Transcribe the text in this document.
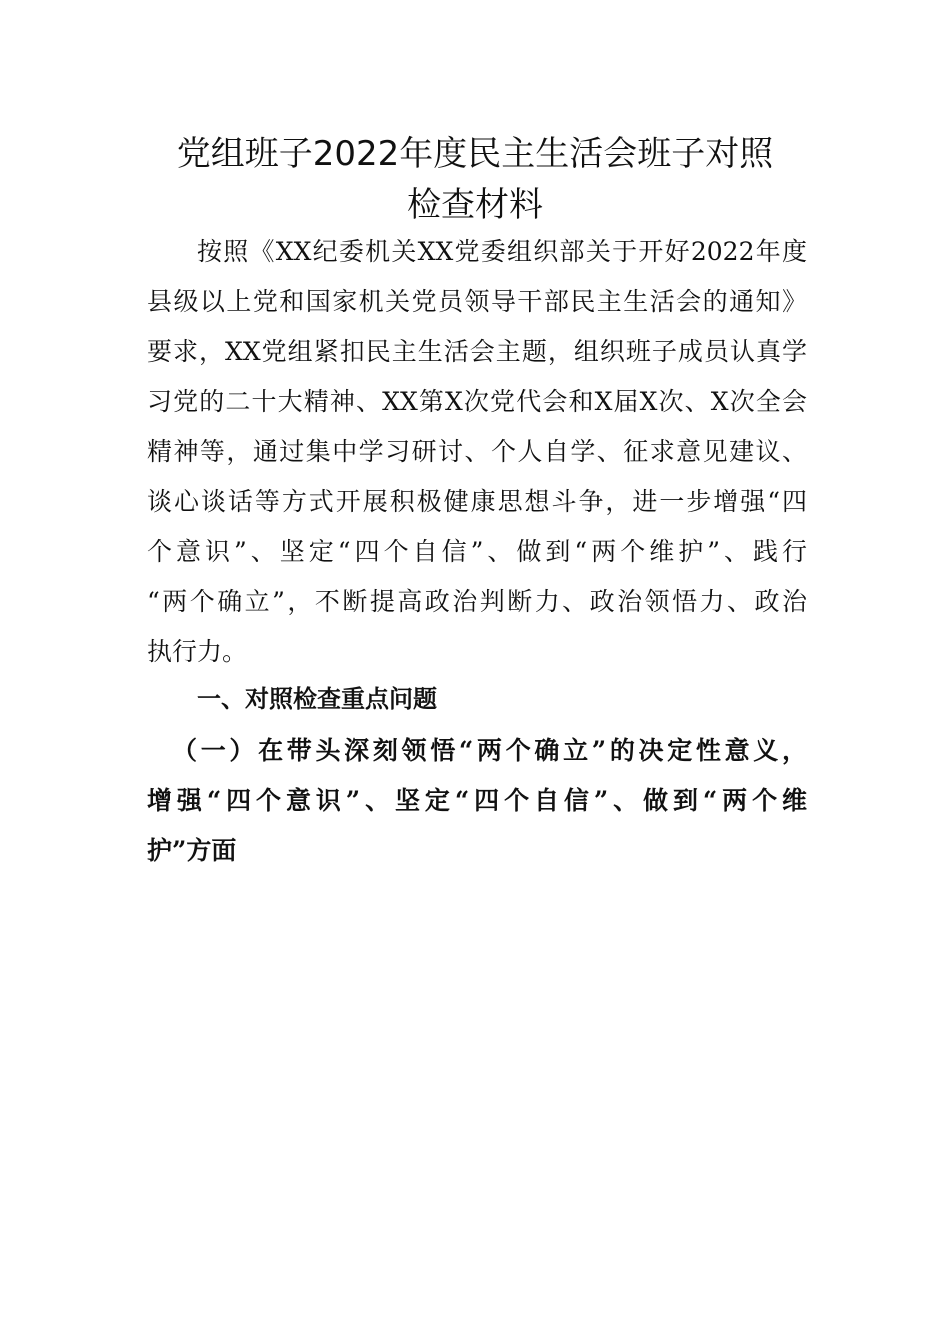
党组班子2022年度民主生活会班子对照
检查材料

按照《XX纪委机关XX党委组织部关于开好2022年度

县级以上党和国家机关党员领导干部民主生活会的通知》

要求，XX党组紧扣民主生活会主题，组织班子成员认真学

习党的二十大精神、XX第X次党代会和X届X次、X次全会

精神等，通过集中学习研讨、个人自学、征求意见建议、

谈心谈话等方式开展积极健康思想斗争，进一步增强“四

个意识”、坚定“四个自信”、做到“两个维护”、践行

“两个确立”，不断提高政治判断力、政治领悟力、政治

执行力。

一、对照检查重点问题
（一）在带头深刻领悟“两个确立”的决定性意义，
增强“四个意识”、坚定“四个自信”、做到“两个维
护”方面
